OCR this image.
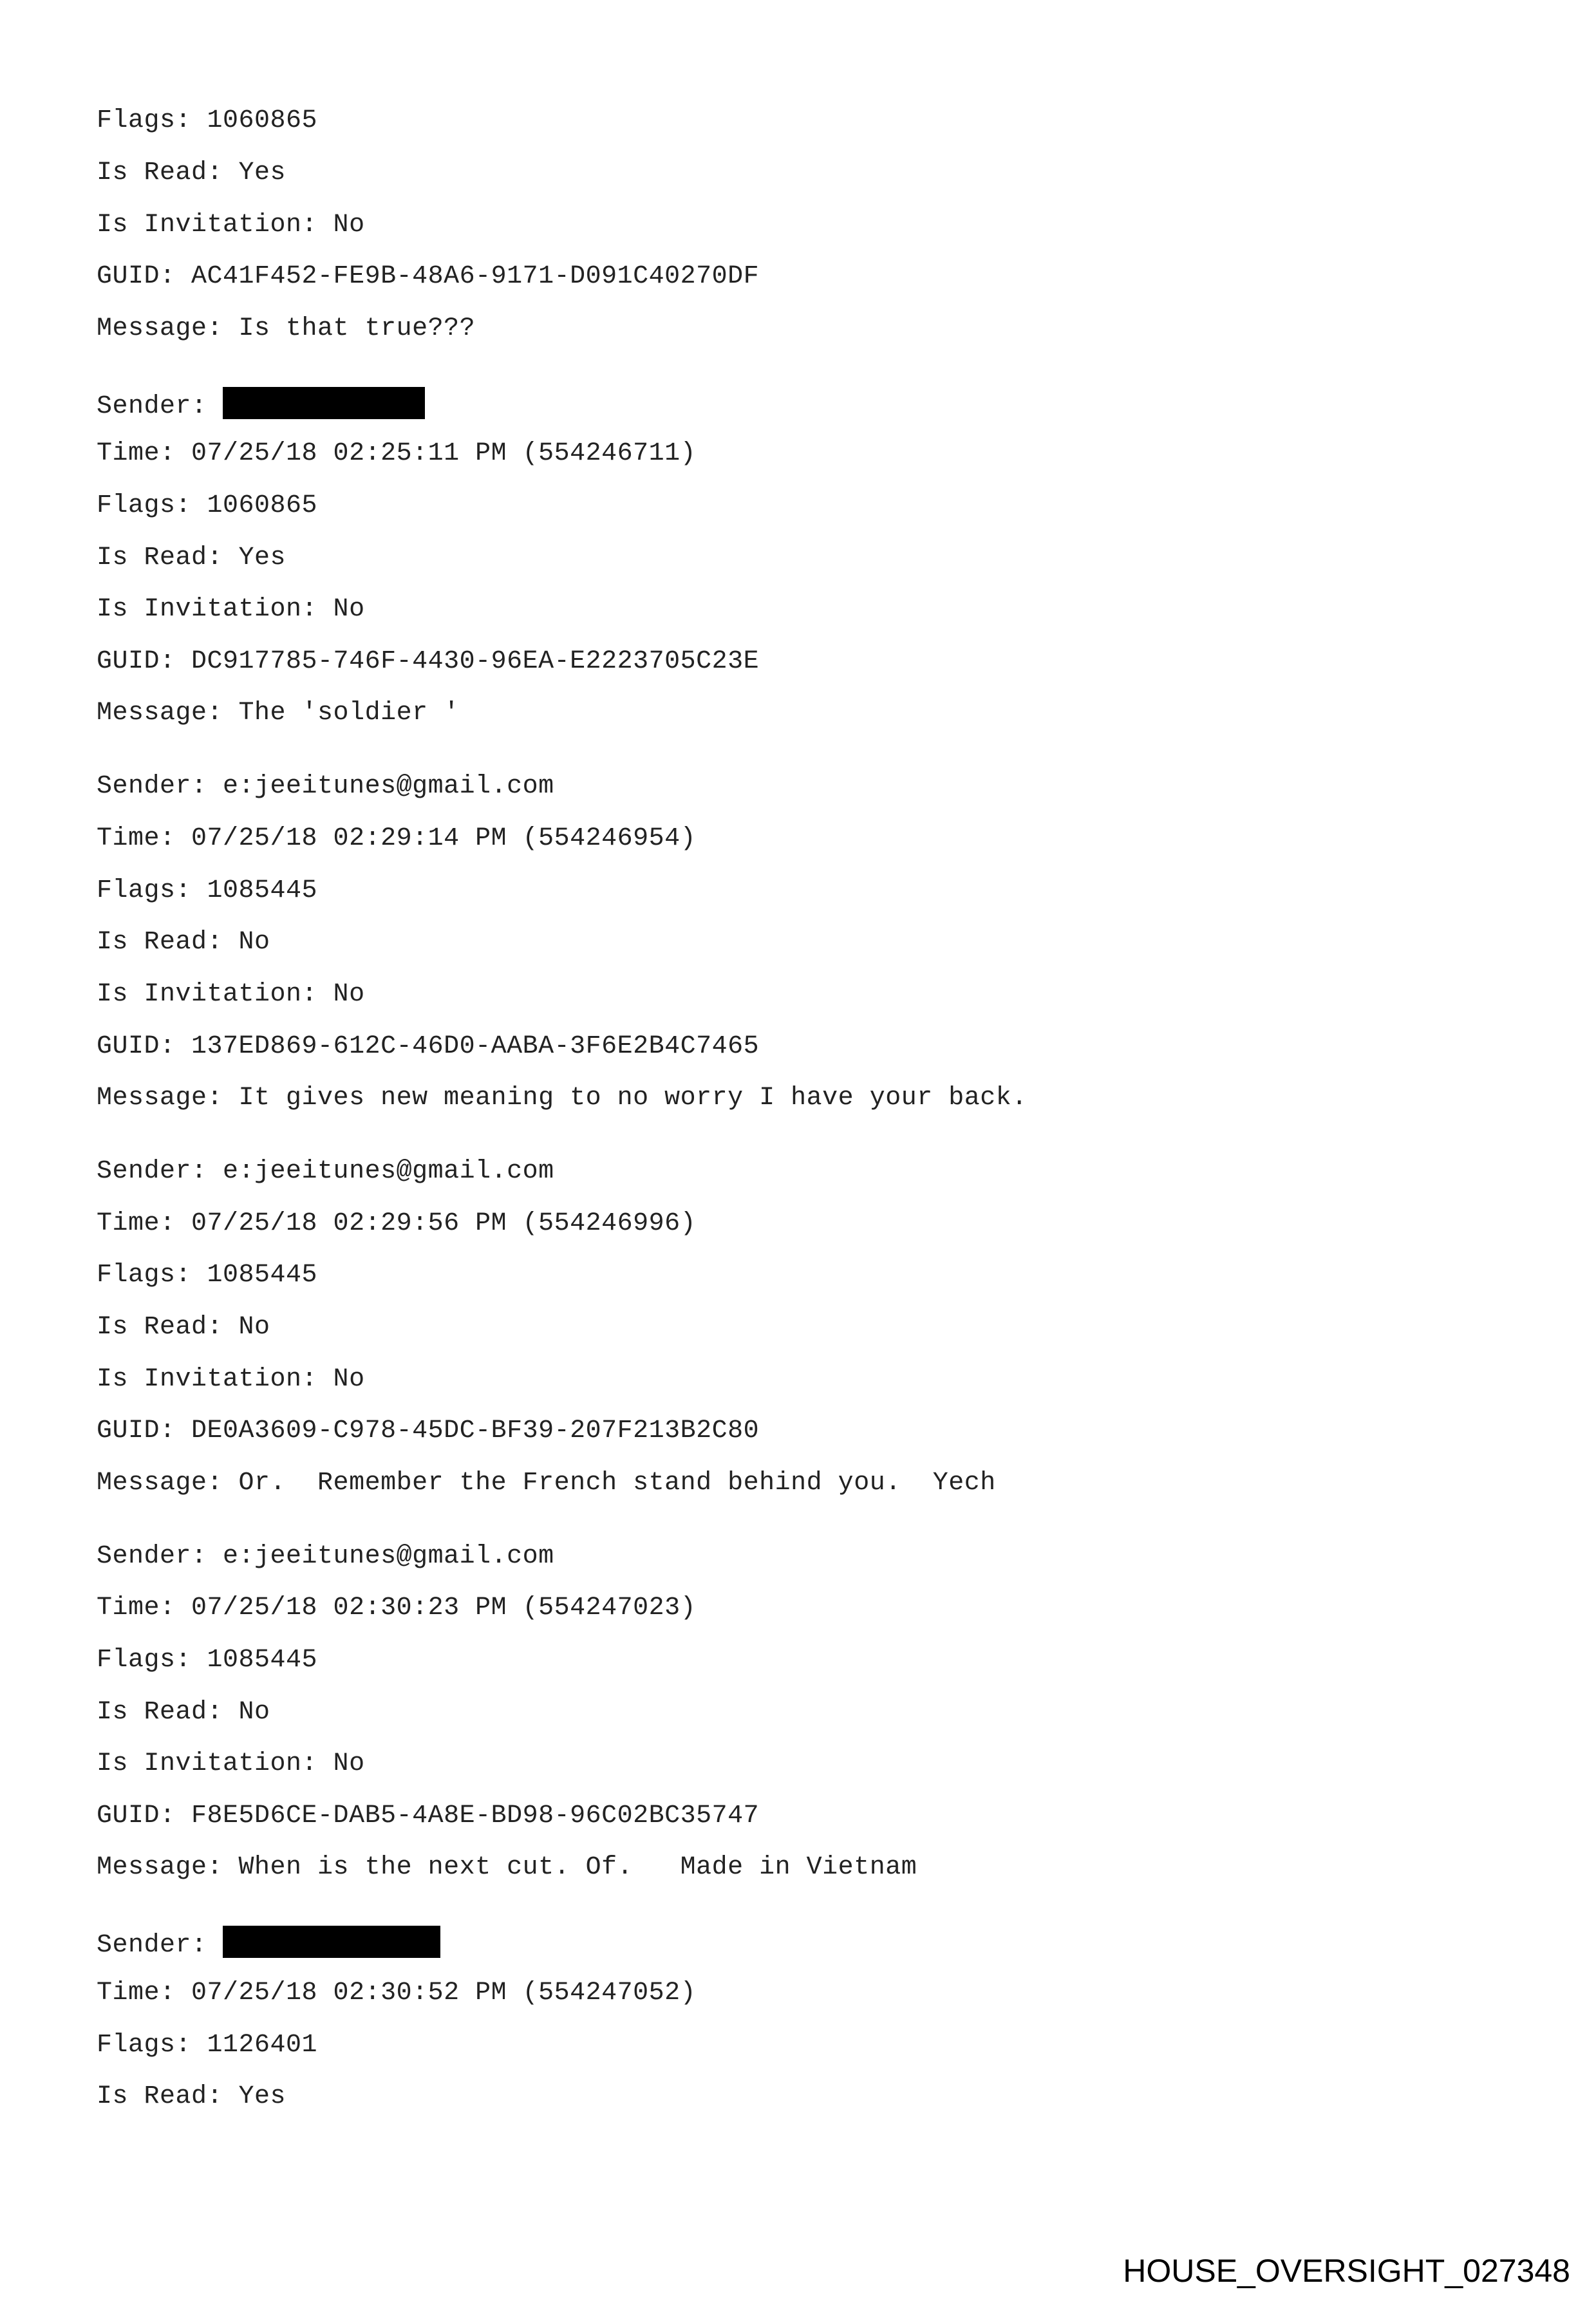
Flags: 1060865
Is Read: Yes
Is Invitation: No
GUID: AC41F452-FE9B-48A6-9171-D091C40270DF
Message: Is that true???
Sender:
Time: 07/25/18 02:25:11 PM (554246711)
Flags: 1060865
Is Read: Yes
Is Invitation: No
GUID: DC917785-746F-4430-96EA-E2223705C23E
Message: The 'soldier '
Sender: e:jeeitunes@gmail.com
Time: 07/25/18 02:29:14 PM (554246954)
Flags: 1085445
Is Read: No
Is Invitation: No
GUID: 137ED869-612C-46D0-AABA-3F6E2B4C7465
Message: It gives new meaning to no worry I have your back.
Sender: e:jeeitunes@gmail.com
Time: 07/25/18 02:29:56 PM (554246996)
Flags: 1085445
Is Read: No
Is Invitation: No
GUID: DE0A3609-C978-45DC-BF39-207F213B2C80
Message: Or.  Remember the French stand behind you.  Yech
Sender: e:jeeitunes@gmail.com
Time: 07/25/18 02:30:23 PM (554247023)
Flags: 1085445
Is Read: No
Is Invitation: No
GUID: F8E5D6CE-DAB5-4A8E-BD98-96C02BC35747
Message: When is the next cut. Of.   Made in Vietnam
Sender:
Time: 07/25/18 02:30:52 PM (554247052)
Flags: 1126401
Is Read: Yes
HOUSE_OVERSIGHT_027348
